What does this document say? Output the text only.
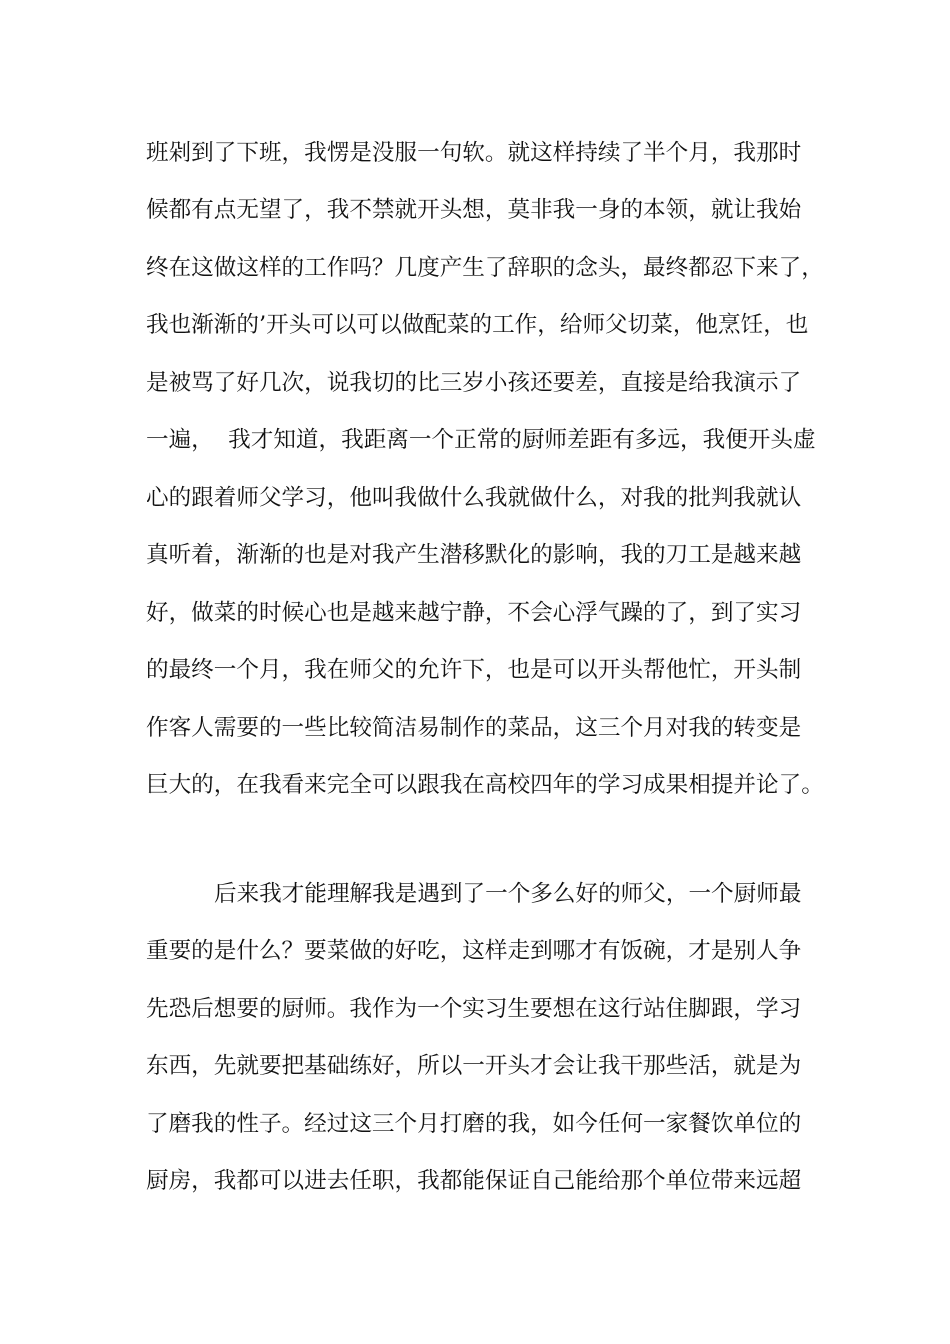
班剁到了下班，我愣是没服一句软。就这样持续了半个月，我那时
候都有点无望了，我不禁就开头想，莫非我一身的本领，就让我始
终在这做这样的工作吗？几度产生了辞职的念头，最终都忍下来了，
我也渐渐的’开头可以可以做配菜的工作，给师父切菜，他烹饪，也
是被骂了好几次，说我切的比三岁小孩还要差，直接是给我演示了
一遍，  我才知道，我距离一个正常的厨师差距有多远，我便开头虚
心的跟着师父学习，他叫我做什么我就做什么，对我的批判我就认
真听着，渐渐的也是对我产生潜移默化的影响，我的刀工是越来越
好，做菜的时候心也是越来越宁静，不会心浮气躁的了，到了实习
的最终一个月，我在师父的允许下，也是可以开头帮他忙，开头制
作客人需要的一些比较简洁易制作的菜品，这三个月对我的转变是
巨大的，在我看来完全可以跟我在高校四年的学习成果相提并论了。
后来我才能理解我是遇到了一个多么好的师父，一个厨师最
重要的是什么？要菜做的好吃，这样走到哪才有饭碗，才是别人争
先恐后想要的厨师。我作为一个实习生要想在这行站住脚跟，学习
东西，先就要把基础练好，所以一开头才会让我干那些活，就是为
了磨我的性子。经过这三个月打磨的我，如今任何一家餐饮单位的
厨房，我都可以进去任职，我都能保证自己能给那个单位带来远超
